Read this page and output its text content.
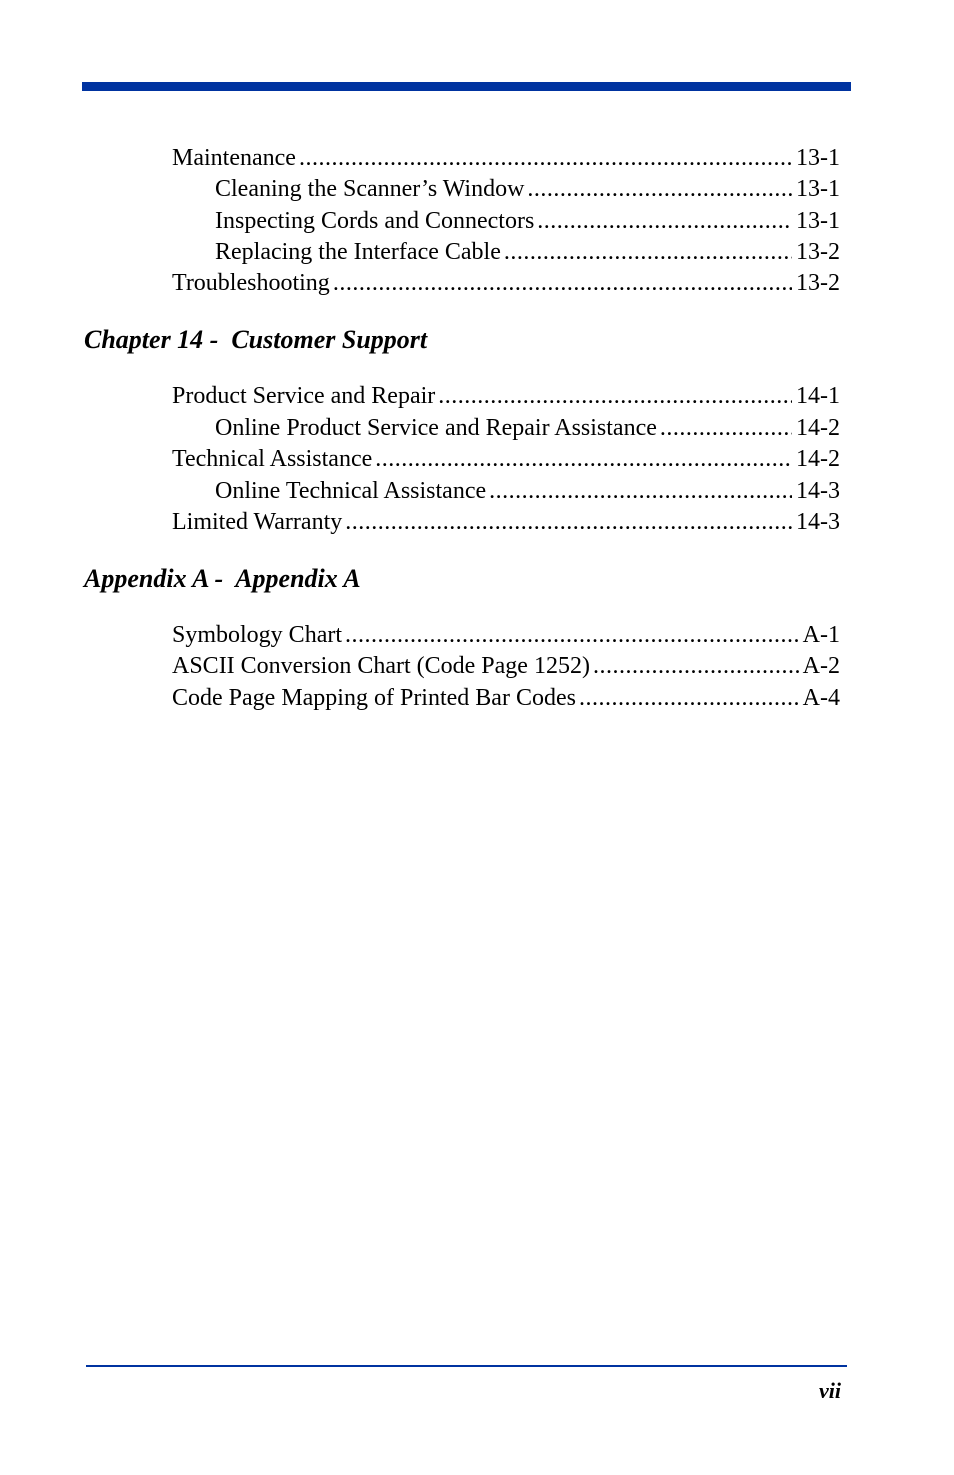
Maintenance .....	13-1
Cleaning the Scanner’s Window .....	13-1
Inspecting Cords and Connectors .....	13-1
Replacing the Interface Cable .....	13-2
Troubleshooting .....	13-2
Chapter 14 -  Customer Support
Product Service and Repair .....	14-1
Online Product Service and Repair Assistance .....	14-2
Technical Assistance .....	14-2
Online Technical Assistance .....	14-3
Limited Warranty .....	14-3
Appendix A -  Appendix A
Symbology Chart .....	A-1
ASCII Conversion Chart (Code Page 1252) .....	A-2
Code Page Mapping of Printed Bar Codes .....	A-4
vii
